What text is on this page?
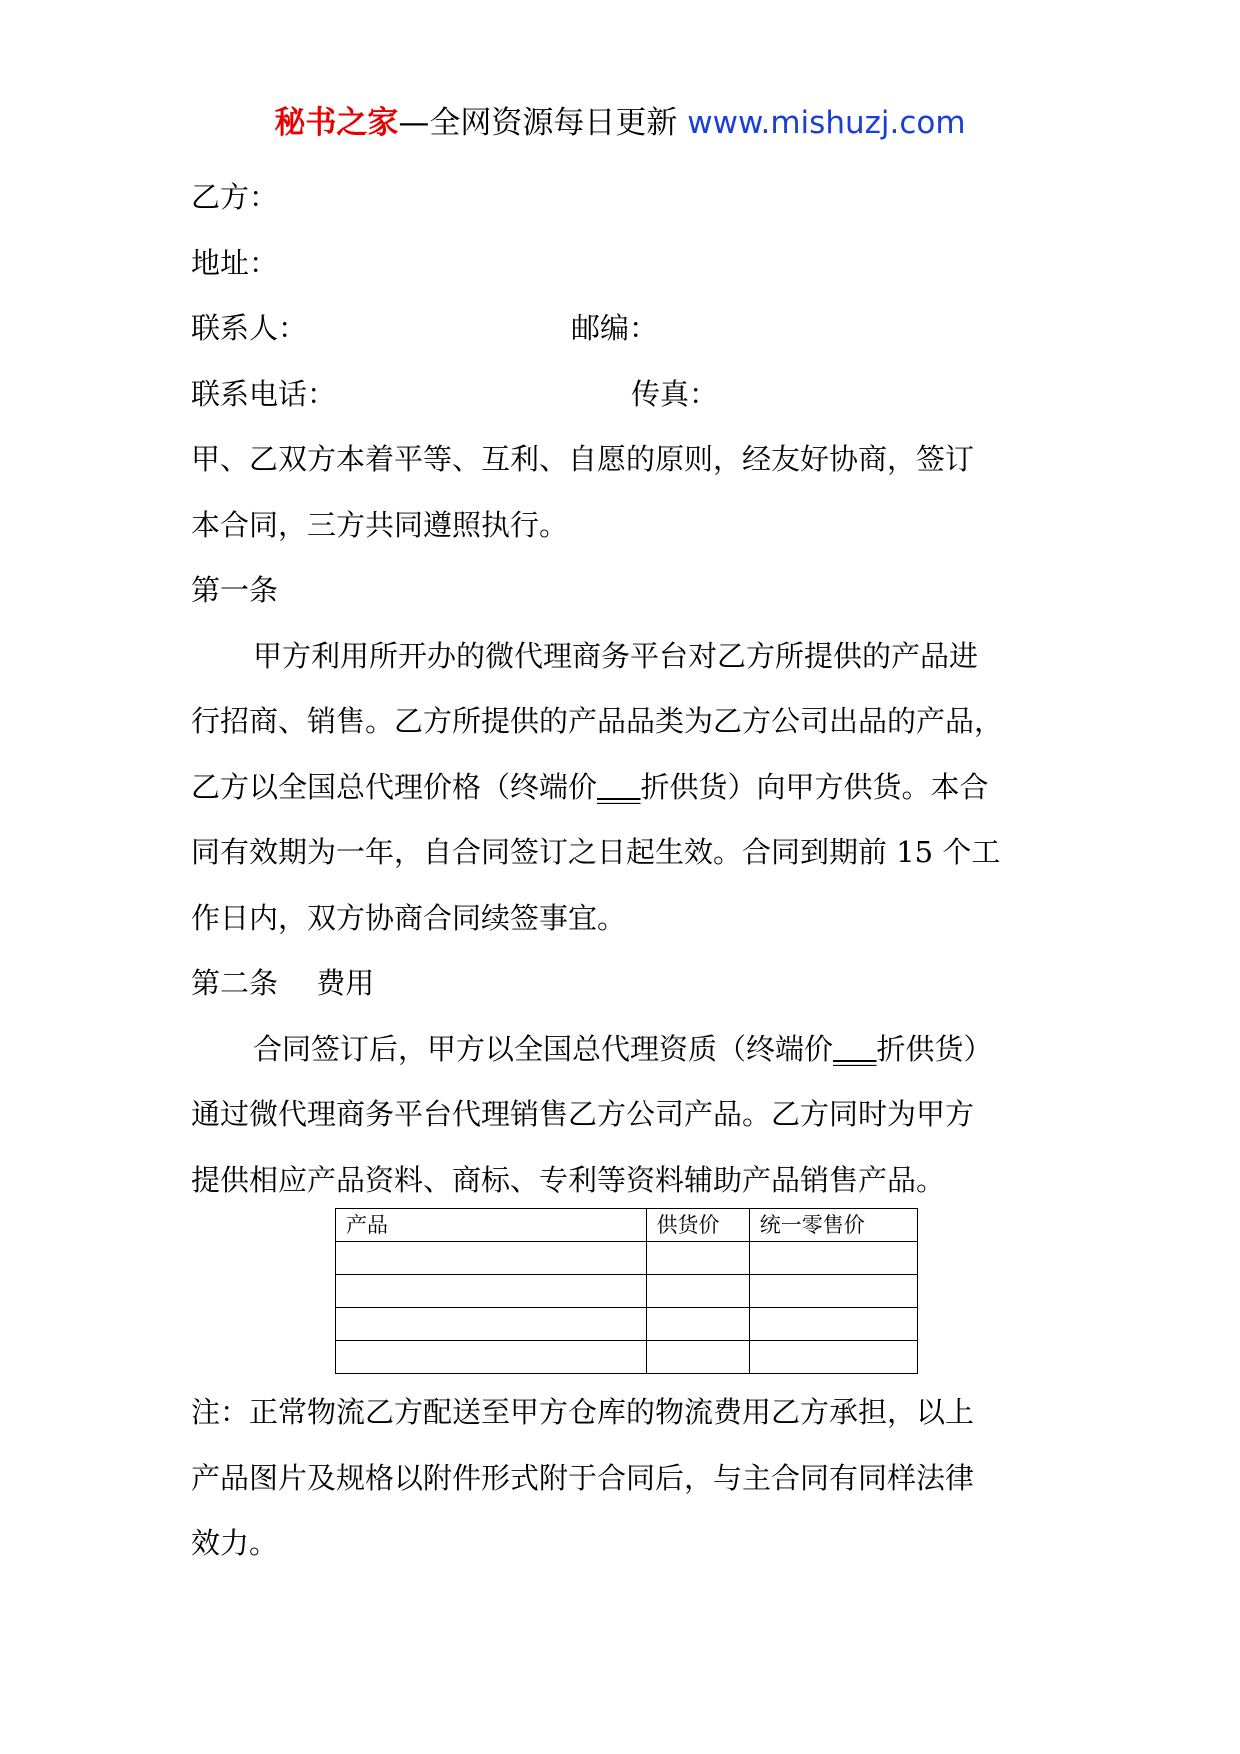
秘书之家—全网资源每日更新 www.mishuzj.com
乙方：
地址：
联系人：	邮编：
联系电话：	传真：
甲、乙双方本着平等、互利、自愿的原则，经友好协商，签订
本合同，三方共同遵照执行。
第一条
甲方利用所开办的微代理商务平台对乙方所提供的产品进
行招商、销售。乙方所提供的产品品类为乙方公司出品的产品，
乙方以全国总代理价格（终端价___折供货）向甲方供货。本合
同有效期为一年，自合同签订之日起生效。合同到期前 15 个工
作日内，双方协商合同续签事宜。
第二条　 费用
合同签订后，甲方以全国总代理资质（终端价___折供货）
通过微代理商务平台代理销售乙方公司产品。乙方同时为甲方
提供相应产品资料、商标、专利等资料辅助产品销售产品。
产品	供货价	统一零售价

注：正常物流乙方配送至甲方仓库的物流费用乙方承担，以上
产品图片及规格以附件形式附于合同后，与主合同有同样法律
效力。
